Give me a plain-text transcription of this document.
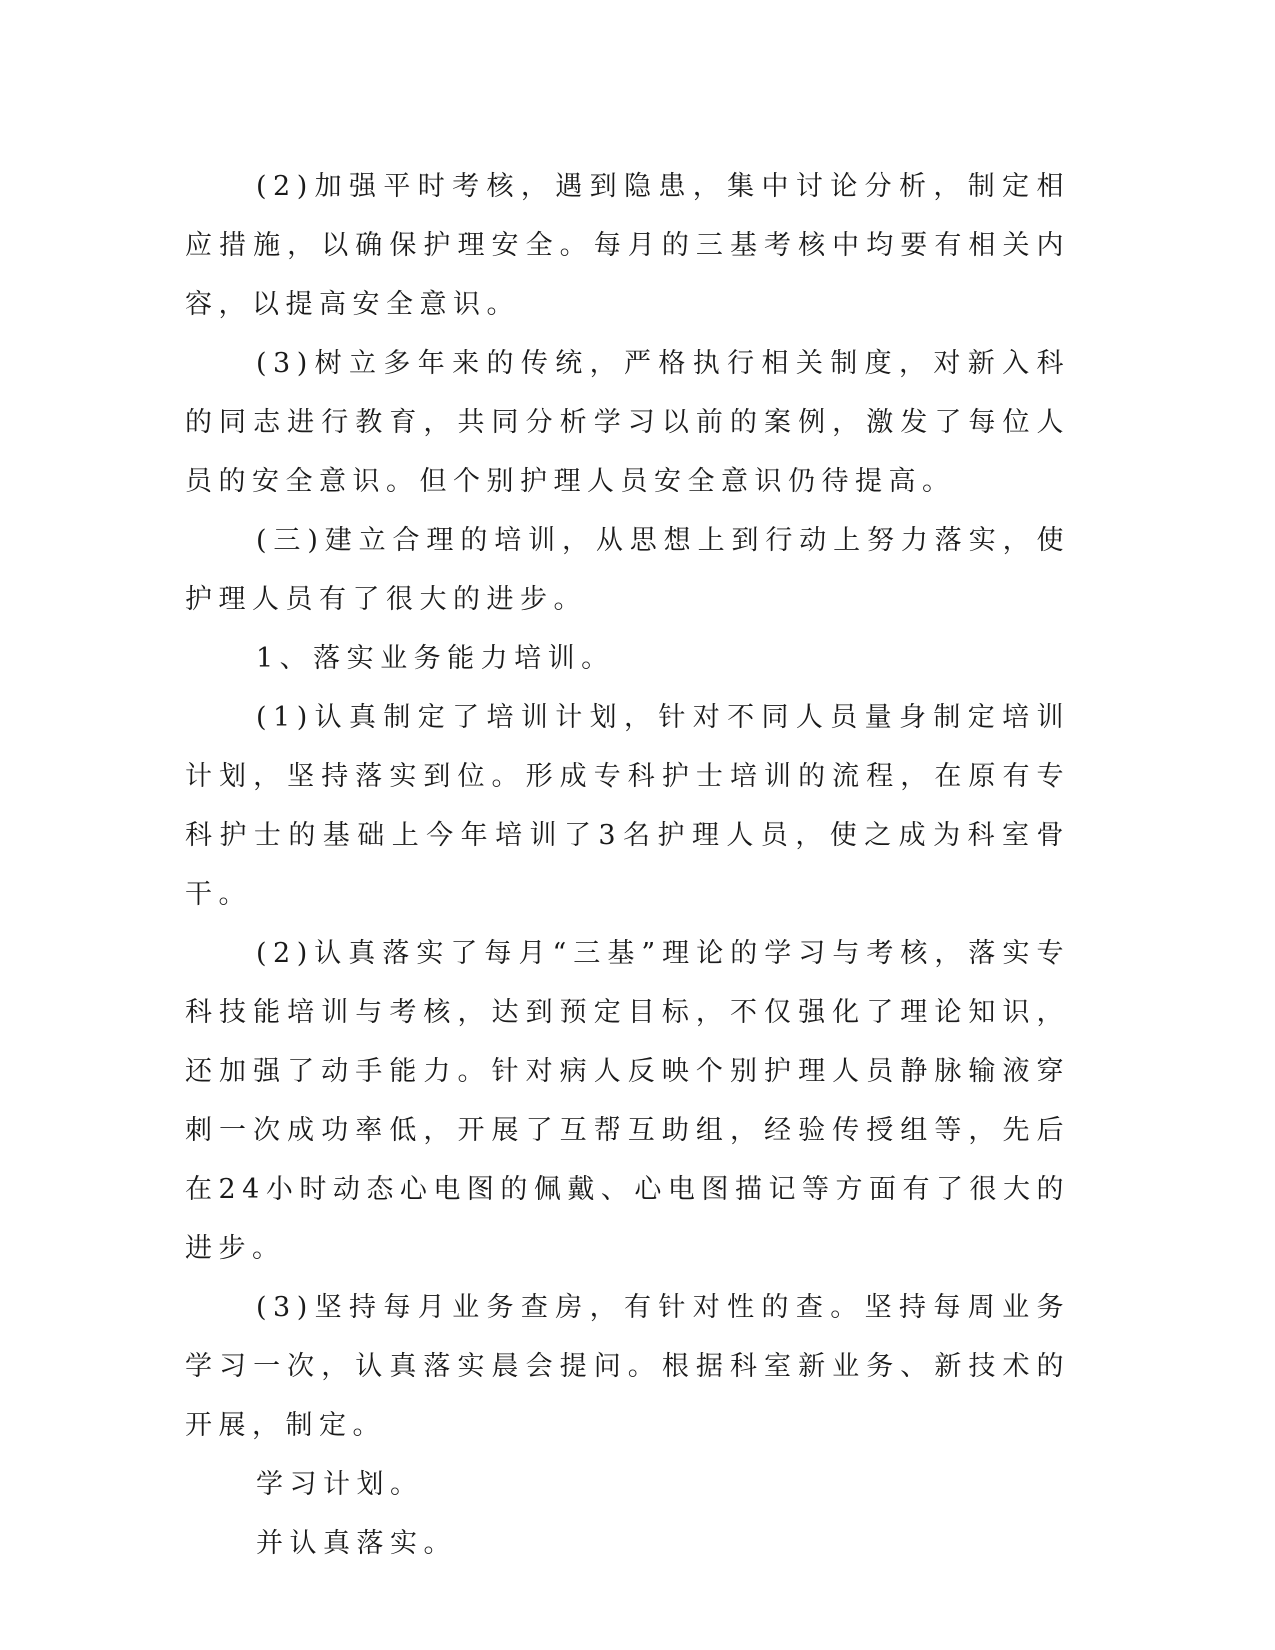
(2)加强平时考核，遇到隐患，集中讨论分析，制定相应措施，以确保护理安全。每月的三基考核中均要有相关内容，以提高安全意识。

(3)树立多年来的传统，严格执行相关制度，对新入科的同志进行教育，共同分析学习以前的案例，激发了每位人员的安全意识。但个别护理人员安全意识仍待提高。

(三)建立合理的培训，从思想上到行动上努力落实，使护理人员有了很大的进步。

1、落实业务能力培训。

(1)认真制定了培训计划，针对不同人员量身制定培训计划，坚持落实到位。形成专科护士培训的流程，在原有专科护士的基础上今年培训了3名护理人员，使之成为科室骨干。

(2)认真落实了每月“三基”理论的学习与考核，落实专科技能培训与考核，达到预定目标，不仅强化了理论知识，还加强了动手能力。针对病人反映个别护理人员静脉输液穿刺一次成功率低，开展了互帮互助组，经验传授组等，先后在24小时动态心电图的佩戴、心电图描记等方面有了很大的进步。

(3)坚持每月业务查房，有针对性的查。坚持每周业务学习一次，认真落实晨会提问。根据科室新业务、新技术的开展，制定。

学习计划。

并认真落实。
